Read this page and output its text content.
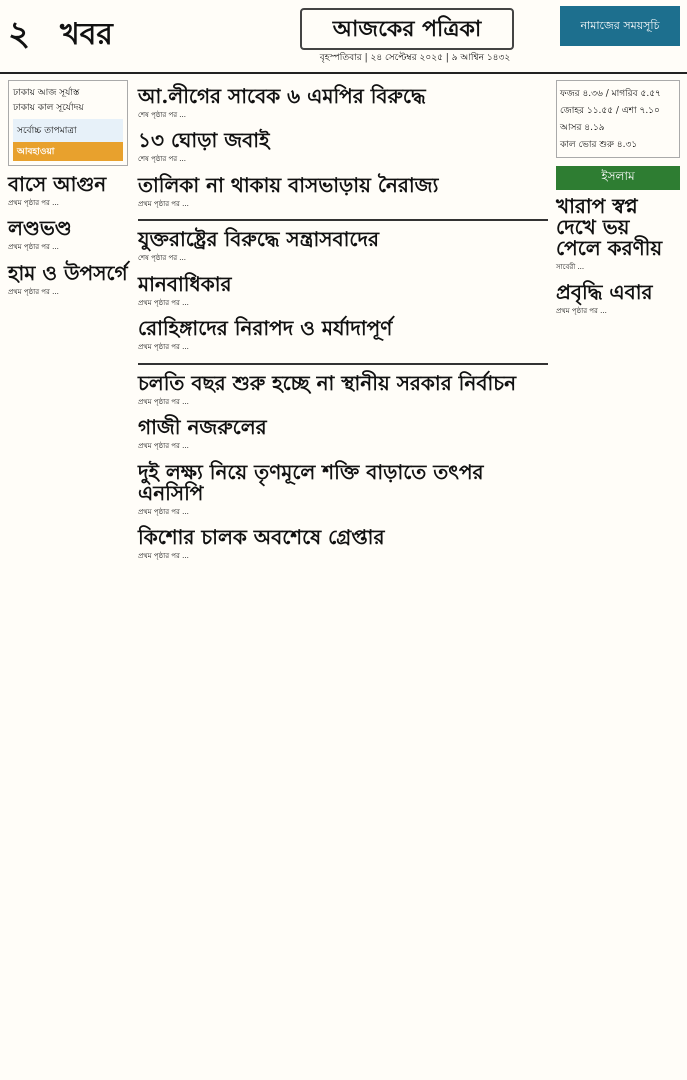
২ খবর	আজকের পত্রিকা
বৃহস্পতিবার | ২৪ সেপ্টেম্বর ২০২৫ | ৯ আশ্বিন ১৪৩২
নামাজের সময়সূচি
ঢাকায় আজ সূর্যাস্ত
ঢাকায় কাল সূর্যোদয়
সর্বোচ্চ তাপমাত্রা
আবহাওয়া
বাসে আগুন
প্রথম পৃষ্ঠার পর ...
লণ্ডভণ্ড
প্রথম পৃষ্ঠার পর ...
হাম ও উপসর্গে
প্রথম পৃষ্ঠার পর ...
আ.লীগের সাবেক ৬ এমপির বিরুদ্ধে
শেষ পৃষ্ঠার পর ...
১৩ ঘোড়া জবাই
শেষ পৃষ্ঠার পর ...
তালিকা না থাকায় বাসভাড়ায় নৈরাজ্য
প্রথম পৃষ্ঠার পর ...
যুক্তরাষ্ট্রের বিরুদ্ধে সন্ত্রাসবাদের
শেষ পৃষ্ঠার পর ...
মানবাধিকার
প্রথম পৃষ্ঠার পর ...
রোহিঙ্গাদের নিরাপদ ও মর্যাদাপূর্ণ
প্রথম পৃষ্ঠার পর ...
চলতি বছর শুরু হচ্ছে না স্থানীয় সরকার নির্বাচন
প্রথম পৃষ্ঠার পর ...
গাজী নজরুলের
প্রথম পৃষ্ঠার পর ...
দুই লক্ষ্য নিয়ে তৃণমূলে শক্তি বাড়াতে তৎপর এনসিপি
প্রথম পৃষ্ঠার পর ...
কিশোর চালক অবশেষে গ্রেপ্তার
প্রথম পৃষ্ঠার পর ...
ফজর ৪.৩৬ / মাগরিব ৫.৫৭
জোহর ১১.৫৫ / এশা ৭.১০
আসর ৪.১৯
কাল ভোর শুরু ৪.৩১
ইসলাম
খারাপ স্বপ্ন দেখে ভয় পেলে করণীয়
সাবেরী ...
প্রবৃদ্ধি এবার
প্রথম পৃষ্ঠার পর ...
